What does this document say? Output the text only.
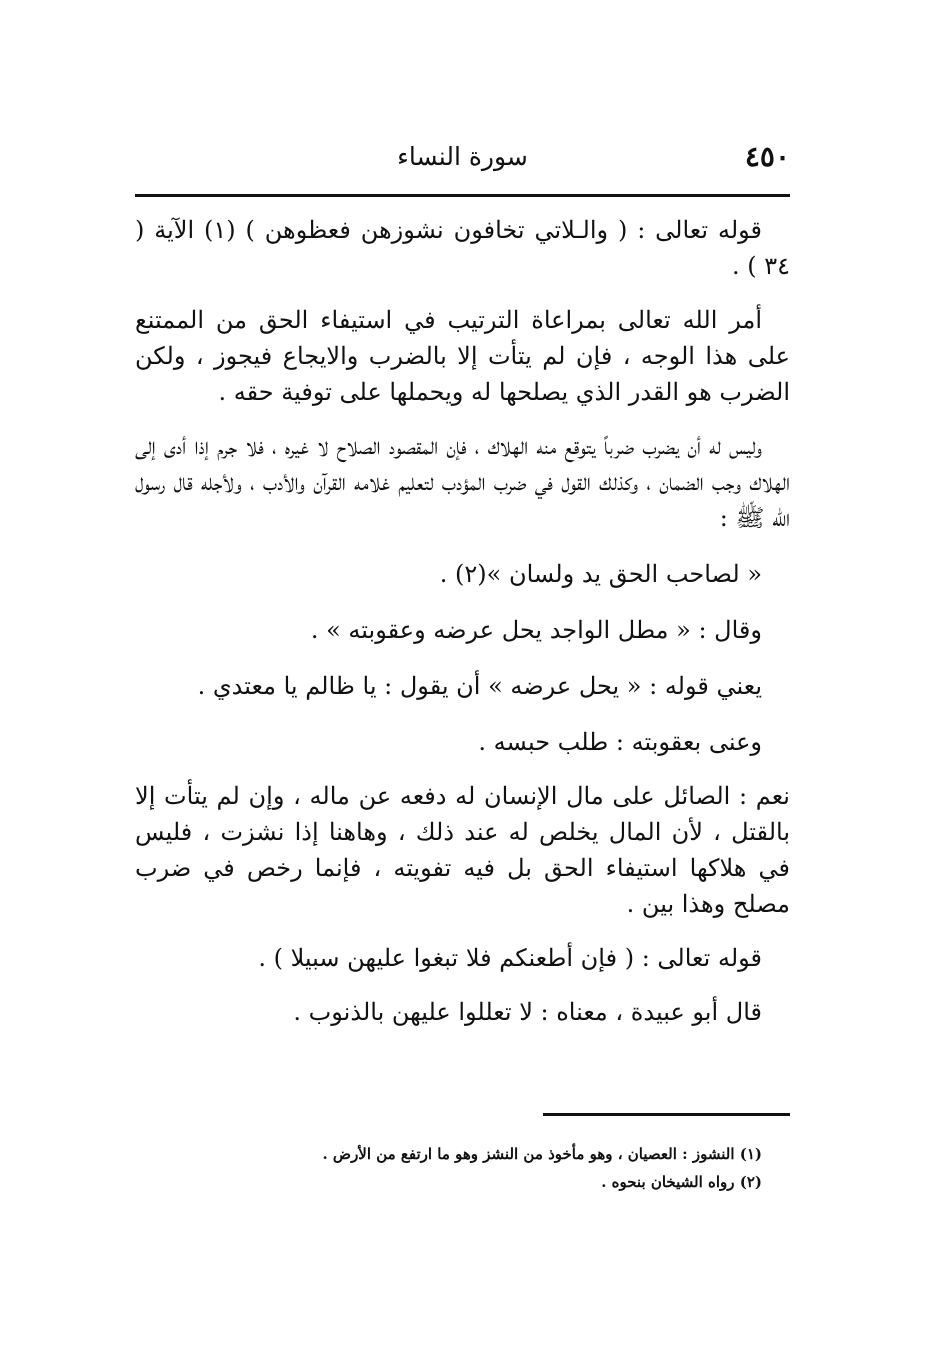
٤٥٠
سورة النساء

قوله تعالى : ( والـلاتي تخافون نشوزهن فعظوهن ) (١) الآية ( ٣٤ ) .

أمر الله تعالى بمراعاة الترتيب في استيفاء الحق من الممتنع على هذا الوجه ، فإن لم يتأت إلا بالضرب والايجاع فيجوز ، ولكن الضرب هو القدر الذي يصلحها له ويحملها على توفية حقه .

وليس له أن يضرب ضرباً يتوقع منه الهلاك ، فإن المقصود الصلاح لا غيره ، فلا جرم إذا أدى إلى الهلاك وجب الضمان ، وكذلك القول في ضرب المؤدب لتعليم غلامه القرآن والأدب ، ولأجله قال رسول الله ﷺ :

« لصاحب الحق يد ولسان »(٢) .

وقال : « مطل الواجد يحل عرضه وعقوبته » .

يعني قوله : « يحل عرضه » أن يقول : يا ظالم يا معتدي .

وعنى بعقوبته : طلب حبسه .

نعم : الصائل على مال الإنسان له دفعه عن ماله ، وإن لم يتأت إلا بالقتل ، لأن المال يخلص له عند ذلك ، وهاهنا إذا نشزت ، فليس في هلاكها استيفاء الحق بل فيه تفويته ، فإنما رخص في ضرب مصلح وهذا بين .

قوله تعالى : ( فإن أطعنكم فلا تبغوا عليهن سبيلا ) .

قال أبو عبيدة ، معناه : لا تعللوا عليهن بالذنوب .

(١) النشوز : العصيان ، وهو مأخوذ من النشز وهو ما ارتفع من الأرض .

(٢) رواه الشيخان بنحوه .
